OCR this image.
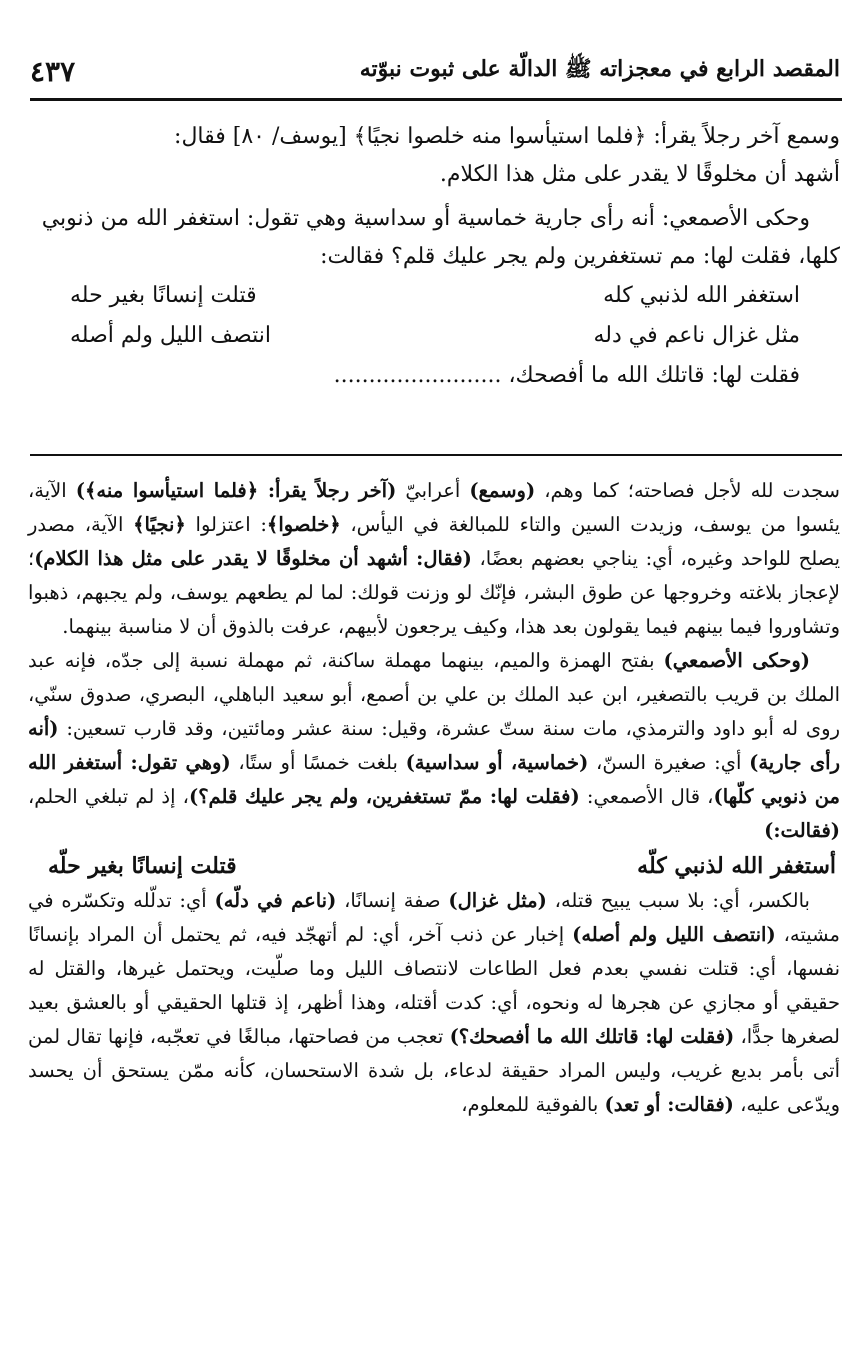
المقصد الرابع في معجزاته ﷺ الدالّة على ثبوت نبوّته
٤٣٧
وسمع آخر رجلاً يقرأ: ﴿فلما استيأسوا منه خلصوا نجيًا﴾ [يوسف/ ٨٠] فقال:
أشهد أن مخلوقًا لا يقدر على مثل هذا الكلام.

وحكى الأصمعي: أنه رأى جارية خماسية أو سداسية وهي تقول: استغفر الله من ذنوبي كلها، فقلت لها: مم تستغفرين ولم يجر عليك قلم؟ فقالت:

استغفر الله لذنبي كله
قتلت إنسانًا بغير حله
مثل غزال ناعم في دله
انتصف الليل ولم أصله
فقلت لها: قاتلك الله ما أفصحك، ........................

سجدت لله لأجل فصاحته؛ كما وهم، (وسمع) أعرابيّ (آخر رجلاً يقرأ: ﴿فلما استيأسوا منه﴾) الآية، يئسوا من يوسف، وزيدت السين والتاء للمبالغة في اليأس، ﴿خلصوا﴾: اعتزلوا ﴿نجيًا﴾ الآية، مصدر يصلح للواحد وغيره، أي: يناجي بعضهم بعضًا، (فقال: أشهد أن مخلوقًا لا يقدر على مثل هذا الكلام)؛ لإعجاز بلاغته وخروجها عن طوق البشر، فإنّك لو وزنت قولك: لما لم يطعهم يوسف، ولم يجبهم، ذهبوا وتشاوروا فيما بينهم فيما يقولون بعد هذا، وكيف يرجعون لأبيهم، عرفت بالذوق أن لا مناسبة بينهما.

(وحكى الأصمعي) بفتح الهمزة والميم، بينهما مهملة ساكنة، ثم مهملة نسبة إلى جدّه، فإنه عبد الملك بن قريب بالتصغير، ابن عبد الملك بن علي بن أصمع، أبو سعيد الباهلي، البصري، صدوق سنّي، روى له أبو داود والترمذي، مات سنة ستّ عشرة، وقيل: سنة عشر ومائتين، وقد قارب تسعين: (أنه رأى جارية) أي: صغيرة السنّ، (خماسية، أو سداسية) بلغت خمسًا أو ستًا، (وهي تقول: أستغفر الله من ذنوبي كلّها)، قال الأصمعي: (فقلت لها: ممّ تستغفرين، ولم يجر عليك قلم؟)، إذ لم تبلغي الحلم، (فقالت:)

أستغفر الله لذنبي كلّه
قتلت إنسانًا بغير حلّه

بالكسر، أي: بلا سبب يبيح قتله، (مثل غزال) صفة إنسانًا، (ناعم في دلّه) أي: تدلّله وتكسّره في مشيته، (انتصف الليل ولم أصله) إخبار عن ذنب آخر، أي: لم أتهجّد فيه، ثم يحتمل أن المراد بإنسانًا نفسها، أي: قتلت نفسي بعدم فعل الطاعات لانتصاف الليل وما صلّيت، ويحتمل غيرها، والقتل له حقيقي أو مجازي عن هجرها له ونحوه، أي: كدت أقتله، وهذا أظهر، إذ قتلها الحقيقي أو بالعشق بعيد لصغرها جدًّا، (فقلت لها: قاتلك الله ما أفصحك؟) تعجب من فصاحتها، مبالغًا في تعجّبه، فإنها تقال لمن أتى بأمر بديع غريب، وليس المراد حقيقة لدعاء، بل شدة الاستحسان، كأنه ممّن يستحق أن يحسد ويدّعى عليه، (فقالت: أو تعد) بالفوقية للمعلوم،
